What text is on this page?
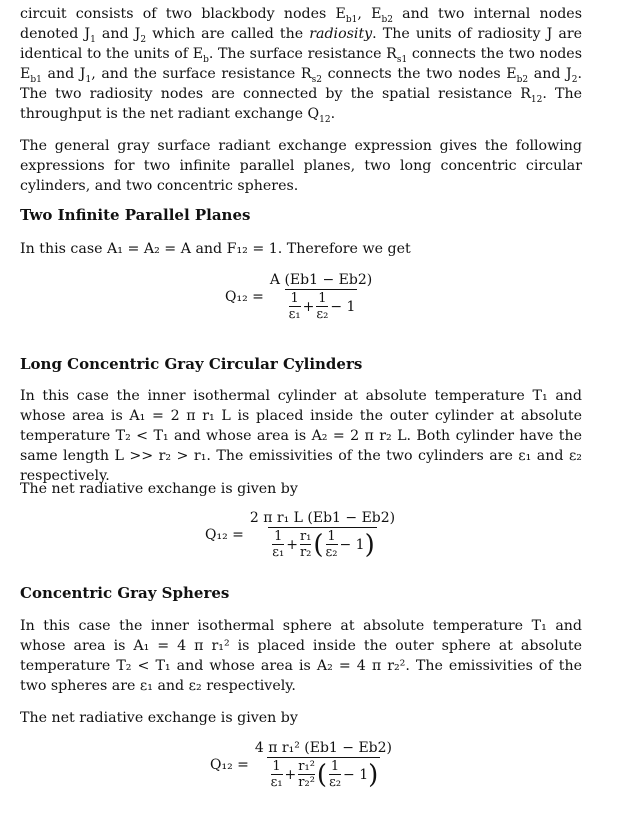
circuit consists of two blackbody nodes $E_{b1}$, $E_{b2}$ and two internal nodes denoted $J_1$ and $J_2$ which are called the radiosity. The units of radiosity J are identical to the units of $E_b$. The surface resistance $R_{s1}$ connects the two nodes $E_{b1}$ and $J_1$, and the surface resistance $R_{s2}$ connects the two nodes $E_{b2}$ and $J_2$. The two radiosity nodes are connected by the spatial resistance $R_{12}$. The throughput is the net radiant exchange $Q_{12}$.

The general gray surface radiant exchange expression gives the following expressions for two infinite parallel planes, two long concentric circular cylinders, and two concentric spheres.

Two Infinite Parallel Planes

In this case A₁ = A₂ = A and F₁₂ = 1. Therefore we get

Q₁₂ = A (Eb1 − Eb2)
1
$\varepsilon_1 + \frac{1}{\text{ε₂}} - 1$

Long Concentric Gray Circular Cylinders

In this case the inner isothermal cylinder at absolute temperature T₁ and whose area is A₁ = 2 π r₁ L is placed inside the outer cylinder at absolute temperature T₂ < T₁ and whose area is A₂ = 2 π r₂ L. Both cylinder have the same length L >> r₂ > r₁. The emissivities of the two cylinders are ε₁ and ε₂ respectively.

The net radiative exchange is given by

Q₁₂ =
2 π r₁ L (Eb1 − Eb2)
1
$\varepsilon_1 + \frac{\text{r₁}}{\text{r₂}}$ ( 1
ε₂ − 1 )

Concentric Gray Spheres

In this case the inner isothermal sphere at absolute temperature T₁ and whose area is A₁ = 4 π r₁² is placed inside the outer sphere at absolute temperature T₂ < T₁ and whose area is A₂ = 4 π r₂². The emissivities of the two spheres are ε₁ and ε₂ respectively.

The net radiative exchange is given by

Q₁₂ =
4 π r₁² (Eb1 − Eb2)
1
$\varepsilon_1 + \frac{\text{r₁²}}{\text{r₂²}}$ ( 1
ε₂ − 1 )
